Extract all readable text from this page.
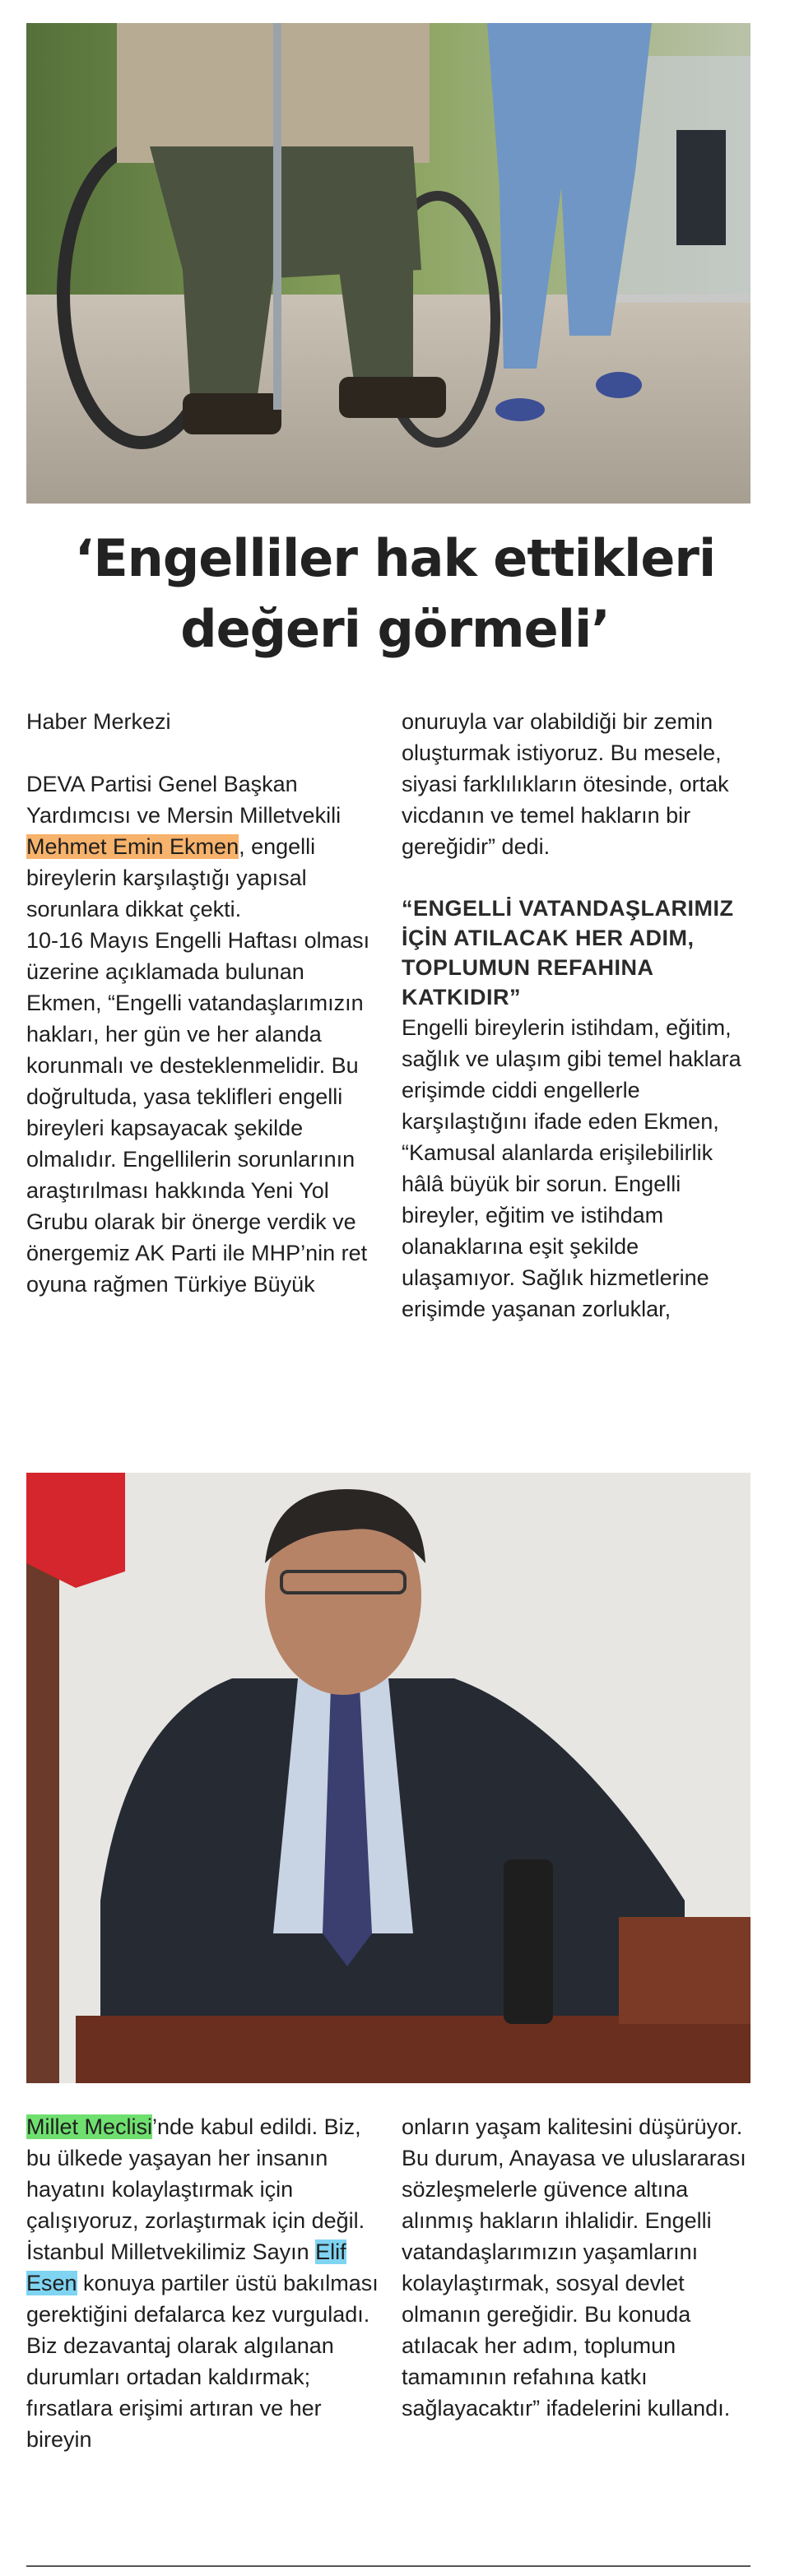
‘Engelliler hak ettikleri değeri görmeli’

Haber Merkezi

DEVA Partisi Genel Başkan Yardımcısı ve Mersin Milletvekili Mehmet Emin Ekmen, engelli bireylerin karşılaştığı yapısal sorunlara dikkat çekti.

10-16 Mayıs Engelli Haftası olması üzerine açıklamada bulunan Ekmen, “Engelli vatandaşlarımızın hakları, her gün ve her alanda korunmalı ve desteklenmelidir. Bu doğrultuda, yasa teklifleri engelli bireyleri kapsayacak şekilde olmalıdır. Engellilerin sorunlarının araştırılması hakkında Yeni Yol Grubu olarak bir önerge verdik ve önergemiz AK Parti ile MHP’nin ret oyuna rağmen Türkiye Büyük

onuruyla var olabildiği bir zemin oluşturmak istiyoruz. Bu mesele, siyasi farklılıkların ötesinde, ortak vicdanın ve temel hakların bir gereğidir” dedi.

“ENGELLİ VATANDAŞLARIMIZ İÇİN ATILACAK HER ADIM, TOPLUMUN REFAHINA KATKIDIR”

Engelli bireylerin istihdam, eğitim, sağlık ve ulaşım gibi temel haklara erişimde ciddi engellerle karşılaştığını ifade eden Ekmen, “Kamusal alanlarda erişilebilirlik hâlâ büyük bir sorun. Engelli bireyler, eğitim ve istihdam olanaklarına eşit şekilde ulaşamıyor. Sağlık hizmetlerine erişimde yaşanan zorluklar,

Millet Meclisi’nde kabul edildi. Biz, bu ülkede yaşayan her insanın hayatını kolaylaştırmak için çalışıyoruz, zorlaştırmak için değil. İstanbul Milletvekilimiz Sayın Elif Esen konuya partiler üstü bakılması gerektiğini defalarca kez vurguladı. Biz dezavantaj olarak algılanan durumları ortadan kaldırmak; fırsatlara erişimi artıran ve her bireyin

onların yaşam kalitesini düşürüyor. Bu durum, Anayasa ve uluslararası sözleşmelerle güvence altına alınmış hakların ihlalidir. Engelli vatandaşlarımızın yaşamlarını kolaylaştırmak, sosyal devlet olmanın gereğidir. Bu konuda atılacak her adım, toplumun tamamının refahına katkı sağlayacaktır” ifadelerini kullandı.
